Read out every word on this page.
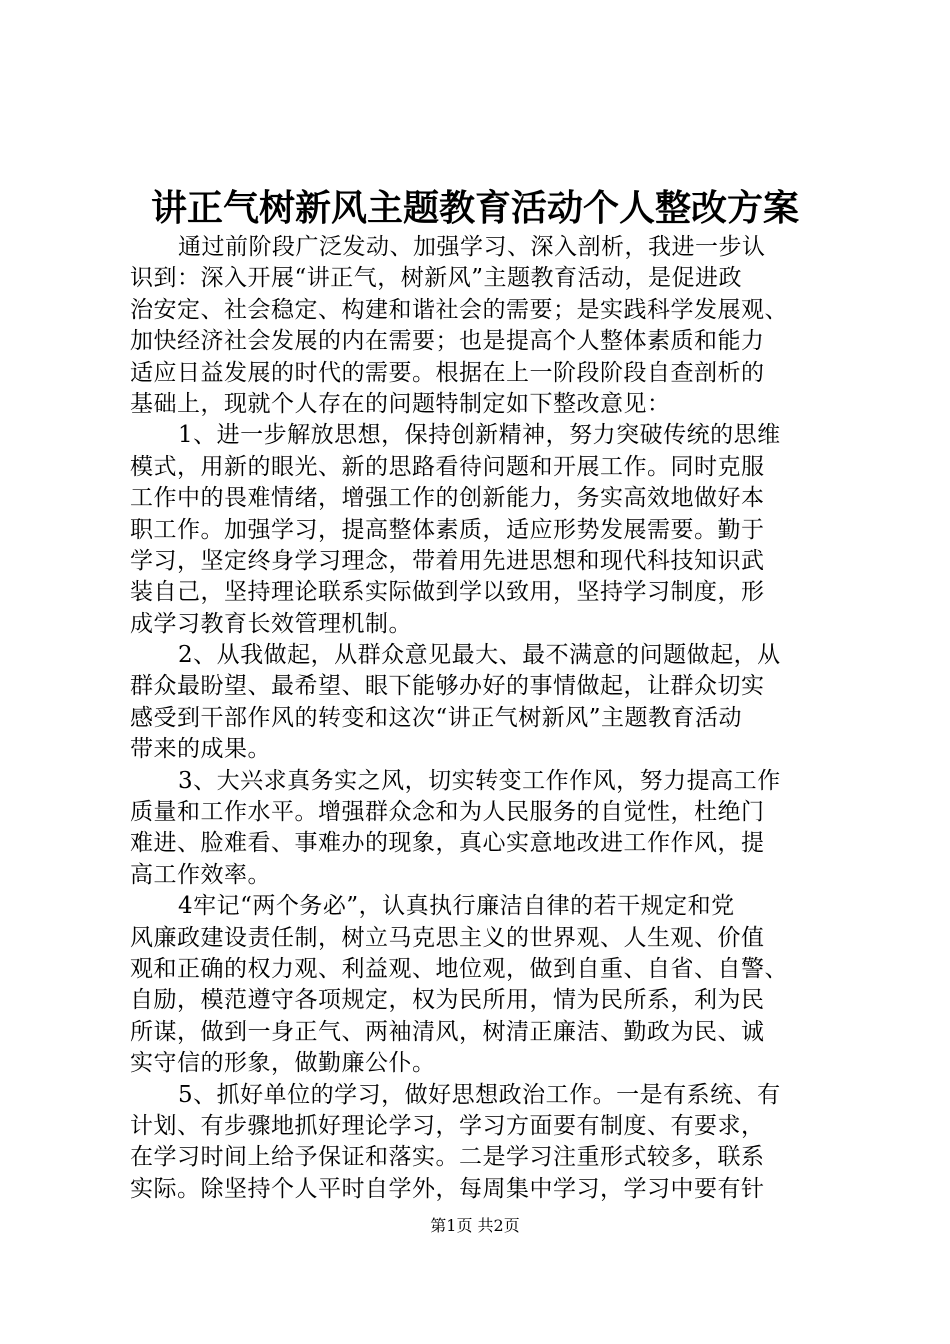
讲正气树新风主题教育活动个人整改方案
通过前阶段广泛发动、加强学习、深入剖析，我进一步认
识到：深入开展“讲正气，树新风”主题教育活动，是促进政
治安定、社会稳定、构建和谐社会的需要；是实践科学发展观、
加快经济社会发展的内在需要；也是提高个人整体素质和能力
适应日益发展的时代的需要。根据在上一阶段阶段自查剖析的
基础上，现就个人存在的问题特制定如下整改意见：
1、进一步解放思想，保持创新精神，努力突破传统的思维
模式，用新的眼光、新的思路看待问题和开展工作。同时克服
工作中的畏难情绪，增强工作的创新能力，务实高效地做好本
职工作。加强学习，提高整体素质，适应形势发展需要。勤于
学习，坚定终身学习理念，带着用先进思想和现代科技知识武
装自己，坚持理论联系实际做到学以致用，坚持学习制度，形
成学习教育长效管理机制。
2、从我做起，从群众意见最大、最不满意的问题做起，从
群众最盼望、最希望、眼下能够办好的事情做起，让群众切实
感受到干部作风的转变和这次“讲正气树新风”主题教育活动
带来的成果。
3、大兴求真务实之风，切实转变工作作风，努力提高工作
质量和工作水平。增强群众念和为人民服务的自觉性，杜绝门
难进、脸难看、事难办的现象，真心实意地改进工作作风，提
高工作效率。
4牢记“两个务必”，认真执行廉洁自律的若干规定和党
风廉政建设责任制，树立马克思主义的世界观、人生观、价值
观和正确的权力观、利益观、地位观，做到自重、自省、自警、
自励，模范遵守各项规定，权为民所用，情为民所系，利为民
所谋，做到一身正气、两袖清风，树清正廉洁、勤政为民、诚
实守信的形象，做勤廉公仆。
5、抓好单位的学习，做好思想政治工作。一是有系统、有
计划、有步骤地抓好理论学习，学习方面要有制度、有要求，
在学习时间上给予保证和落实。二是学习注重形式较多，联系
实际。除坚持个人平时自学外，每周集中学习，学习中要有针
第1页 共2页
